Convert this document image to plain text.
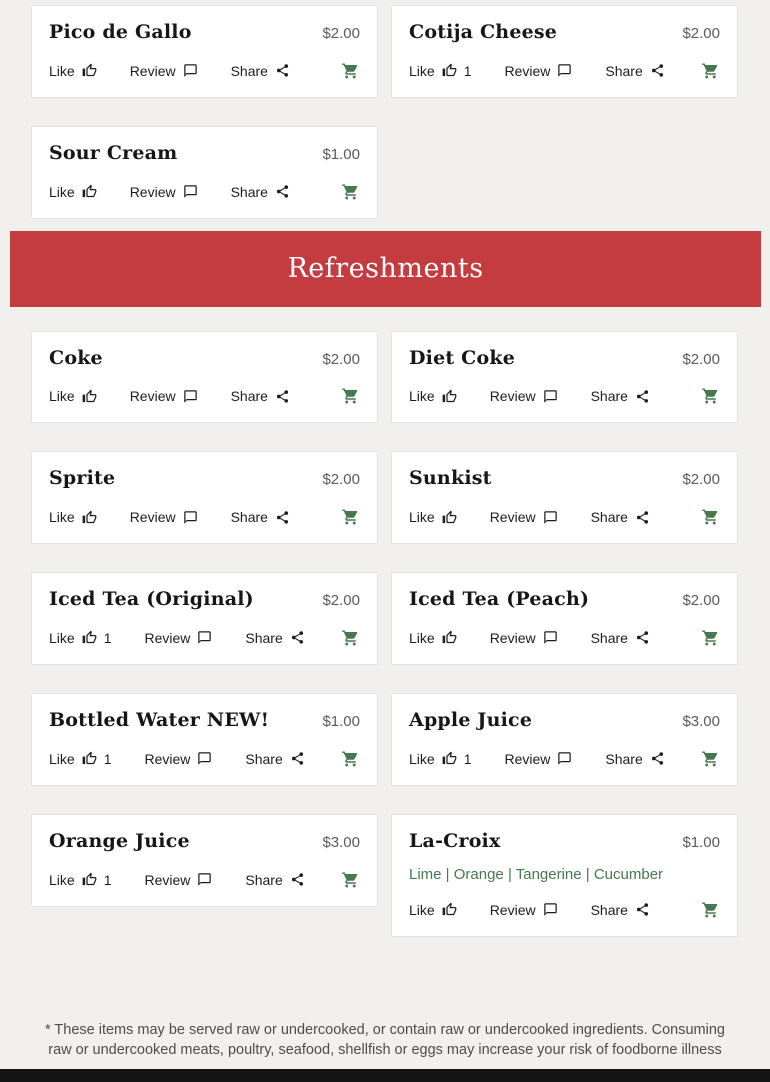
Pico de Gallo	$2.00
Like	Review	Share
Cotija Cheese	$2.00
Like 1 Review	Share
Sour Cream	$1.00
Like	Review	Share
Refreshments
Coke	$2.00
Like	Review	Share
Diet Coke	$2.00
Like	Review	Share
Sprite	$2.00
Like	Review	Share
Sunkist	$2.00
Like	Review	Share
Iced Tea (Original)	$2.00
Like 1 Review	Share
Iced Tea (Peach)	$2.00
Like	Review	Share
Bottled Water NEW!	$1.00
Like 1 Review	Share
Apple Juice	$3.00
Like 1 Review	Share
Orange Juice	$3.00
Like 1 Review	Share
La-Croix	$1.00
Lime | Orange | Tangerine | Cucumber
Like	Review	Share
* These items may be served raw or undercooked, or contain raw or undercooked ingredients. Consuming raw or undercooked meats, poultry, seafood, shellfish or eggs may increase your risk of foodborne illness
